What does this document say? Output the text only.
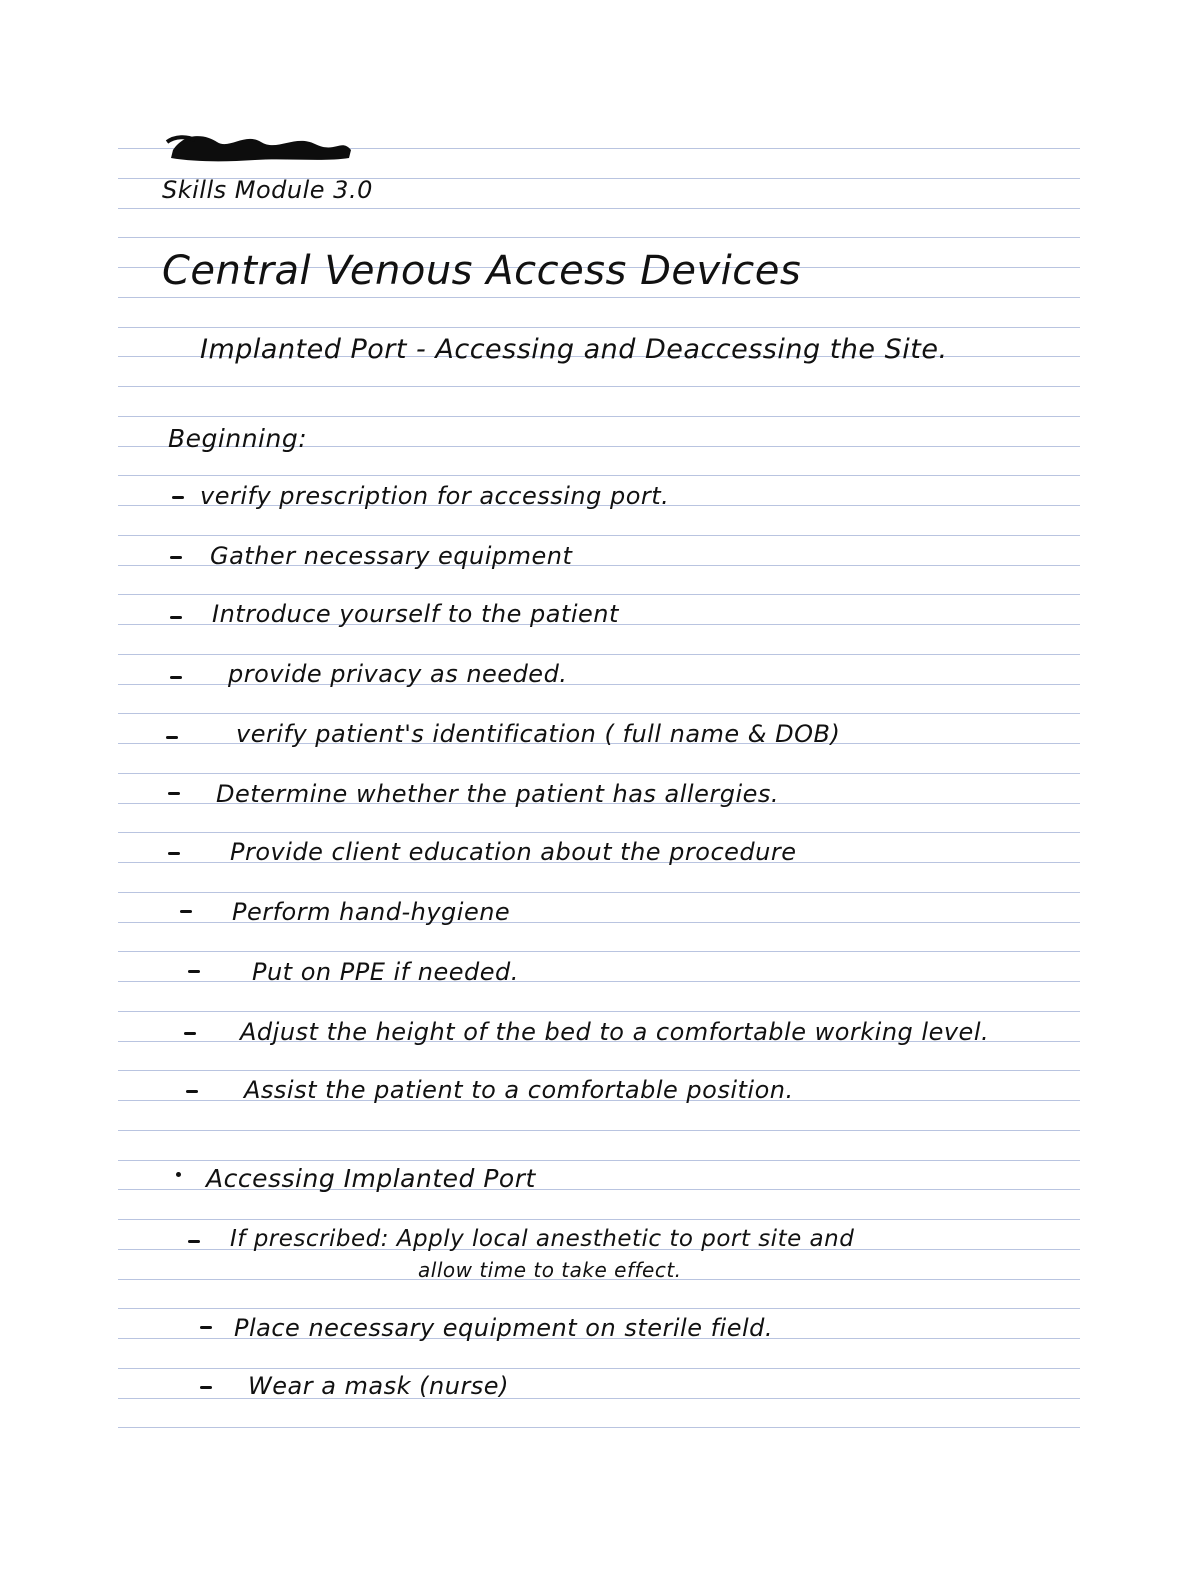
Skills Module 3.0
Central Venous Access Devices
Implanted Port - Accessing and Deaccessing the Site.
Beginning:
verify prescription for accessing port.
Gather necessary equipment
Introduce yourself to the patient
provide privacy as needed.
verify patient's identification ( full name & DOB)
Determine whether the patient has allergies.
Provide client education about the procedure
Perform hand-hygiene
Put on PPE if needed.
Adjust the height of the bed to a comfortable working level.
Assist the patient to a comfortable position.
Accessing Implanted Port
If prescribed: Apply local anesthetic to port site and
allow time to take effect.
Place necessary equipment on sterile field.
Wear a mask (nurse)
